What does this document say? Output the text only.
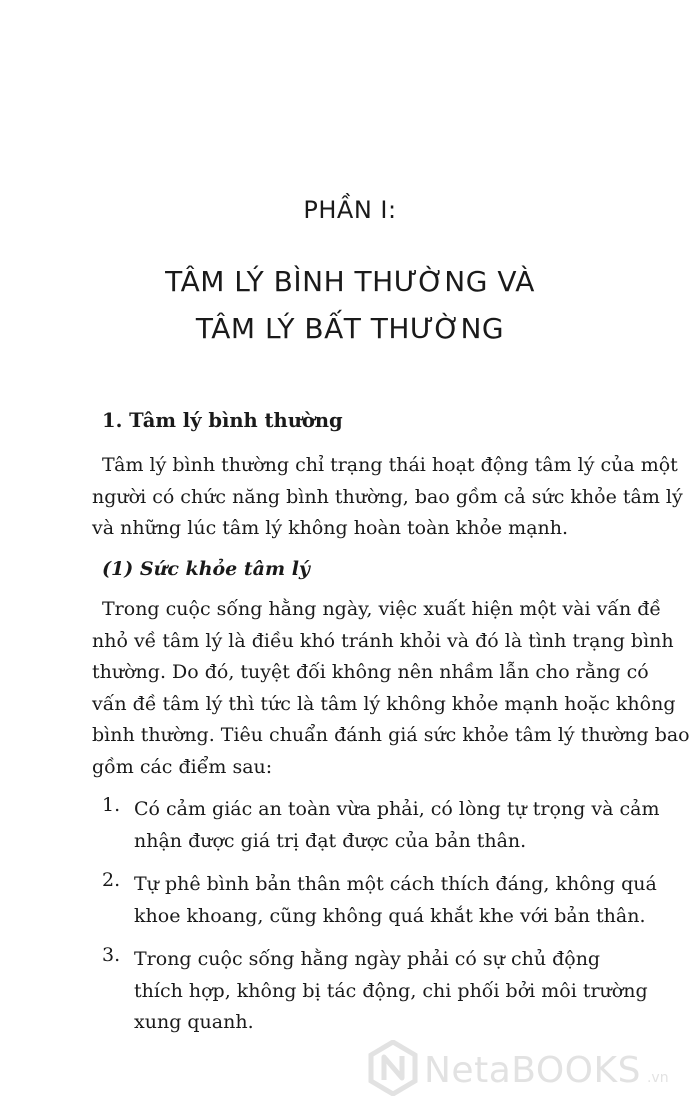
PHẦN I:
TÂM LÝ BÌNH THƯỜNG VÀ
TÂM LÝ BẤT THƯỜNG
1. Tâm lý bình thường
Tâm lý bình thường chỉ trạng thái hoạt động tâm lý của một
người có chức năng bình thường, bao gồm cả sức khỏe tâm lý
và những lúc tâm lý không hoàn toàn khỏe mạnh.
(1) Sức khỏe tâm lý
Trong cuộc sống hằng ngày, việc xuất hiện một vài vấn đề
nhỏ về tâm lý là điều khó tránh khỏi và đó là tình trạng bình
thường. Do đó, tuyệt đối không nên nhầm lẫn cho rằng có
vấn đề tâm lý thì tức là tâm lý không khỏe mạnh hoặc không
bình thường. Tiêu chuẩn đánh giá sức khỏe tâm lý thường bao
gồm các điểm sau:
1. Có cảm giác an toàn vừa phải, có lòng tự trọng và cảm
nhận được giá trị đạt được của bản thân.
2. Tự phê bình bản thân một cách thích đáng, không quá
khoe khoang, cũng không quá khắt khe với bản thân.
3. Trong cuộc sống hằng ngày phải có sự chủ động
thích hợp, không bị tác động, chi phối bởi môi trường
xung quanh.
NetaBOOKS .vn
